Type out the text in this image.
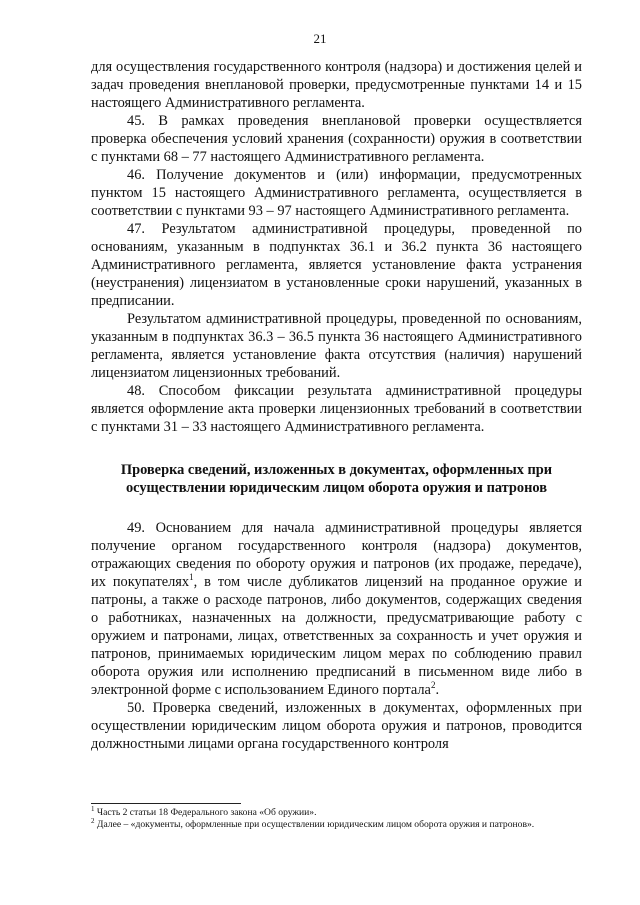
21

для осуществления государственного контроля (надзора) и достижения целей и задач проведения внеплановой проверки, предусмотренные пунктами 14 и 15 настоящего Административного регламента.

45. В рамках проведения внеплановой проверки осуществляется проверка обеспечения условий хранения (сохранности) оружия в соответствии с пунктами 68 – 77 настоящего Административного регламента.

46. Получение документов и (или) информации, предусмотренных пунктом 15 настоящего Административного регламента, осуществляется в соответствии с пунктами 93 – 97 настоящего Административного регламента.

47. Результатом административной процедуры, проведенной по основаниям, указанным в подпунктах 36.1 и 36.2 пункта 36 настоящего Административного регламента, является установление факта устранения (неустранения) лицензиатом в установленные сроки нарушений, указанных в предписании.

Результатом административной процедуры, проведенной по основаниям, указанным в подпунктах 36.3 – 36.5 пункта 36 настоящего Административного регламента, является установление факта отсутствия (наличия) нарушений лицензиатом лицензионных требований.

48. Способом фиксации результата административной процедуры является оформление акта проверки лицензионных требований в соответствии с пунктами 31 – 33 настоящего Административного регламента.

Проверка сведений, изложенных в документах, оформленных при осуществлении юридическим лицом оборота оружия и патронов

49. Основанием для начала административной процедуры является получение органом государственного контроля (надзора) документов, отражающих сведения по обороту оружия и патронов (их продаже, передаче), их покупателях$^1$, в том числе дубликатов лицензий на проданное оружие и патроны, а также о расходе патронов, либо документов, содержащих сведения о работниках, назначенных на должности, предусматривающие работу с оружием и патронами, лицах, ответственных за сохранность и учет оружия и патронов, принимаемых юридическим лицом мерах по соблюдению правил оборота оружия или исполнению предписаний в письменном виде либо в электронной форме с использованием Единого портала$^2$.

50. Проверка сведений, изложенных в документах, оформленных при осуществлении юридическим лицом оборота оружия и патронов, проводится должностными лицами органа государственного контроля

$^1$ Часть 2 статьи 18 Федерального закона «Об оружии».
$^2$ Далее – «документы, оформленные при осуществлении юридическим лицом оборота оружия и патронов».
